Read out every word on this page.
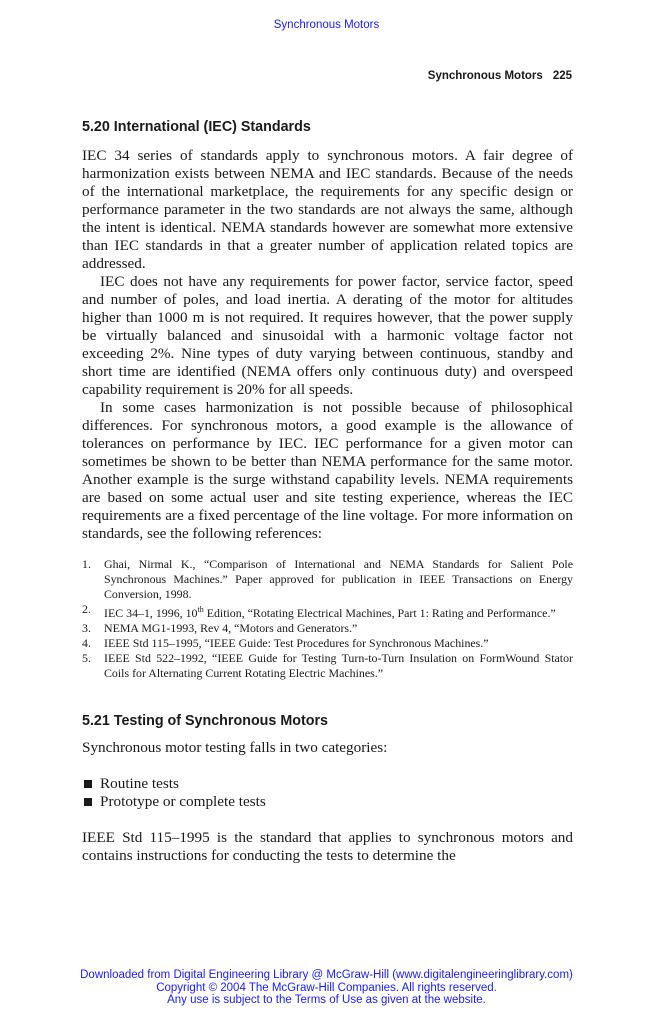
Synchronous Motors
Synchronous Motors 225
5.20 International (IEC) Standards

IEC 34 series of standards apply to synchronous motors. A fair degree of harmonization exists between NEMA and IEC standards. Because of the needs of the international marketplace, the requirements for any specific design or performance parameter in the two standards are not always the same, although the intent is identical. NEMA standards however are somewhat more extensive than IEC standards in that a greater number of application related topics are addressed.

IEC does not have any requirements for power factor, service factor, speed and number of poles, and load inertia. A derating of the motor for altitudes higher than 1000 m is not required. It requires however, that the power supply be virtually balanced and sinusoidal with a harmonic voltage factor not exceeding 2%. Nine types of duty varying between continuous, standby and short time are identified (NEMA offers only continuous duty) and overspeed capability requirement is 20% for all speeds.

In some cases harmonization is not possible because of philosophical differences. For synchronous motors, a good example is the allowance of tolerances on performance by IEC. IEC performance for a given motor can sometimes be shown to be better than NEMA performance for the same motor. Another example is the surge withstand capability levels. NEMA requirements are based on some actual user and site testing experience, whereas the IEC requirements are a fixed percentage of the line voltage. For more information on standards, see the following references:

1. Ghai, Nirmal K., “Comparison of International and NEMA Standards for Salient Pole Synchronous Machines.” Paper approved for publication in IEEE Transactions on Energy Conversion, 1998.
2. IEC 34–1, 1996, 10th Edition, “Rotating Electrical Machines, Part 1: Rating and Performance.”
3. NEMA MG1-1993, Rev 4, “Motors and Generators.”
4. IEEE Std 115–1995, “IEEE Guide: Test Procedures for Synchronous Machines.”
5. IEEE Std 522–1992, “IEEE Guide for Testing Turn-to-Turn Insulation on FormWound Stator Coils for Alternating Current Rotating Electric Machines.”
5.21 Testing of Synchronous Motors

Synchronous motor testing falls in two categories:

Routine tests
Prototype or complete tests

IEEE Std 115–1995 is the standard that applies to synchronous motors and contains instructions for conducting the tests to determine the

Downloaded from Digital Engineering Library @ McGraw-Hill (www.digitalengineeringlibrary.com)
Copyright © 2004 The McGraw-Hill Companies. All rights reserved.
Any use is subject to the Terms of Use as given at the website.
